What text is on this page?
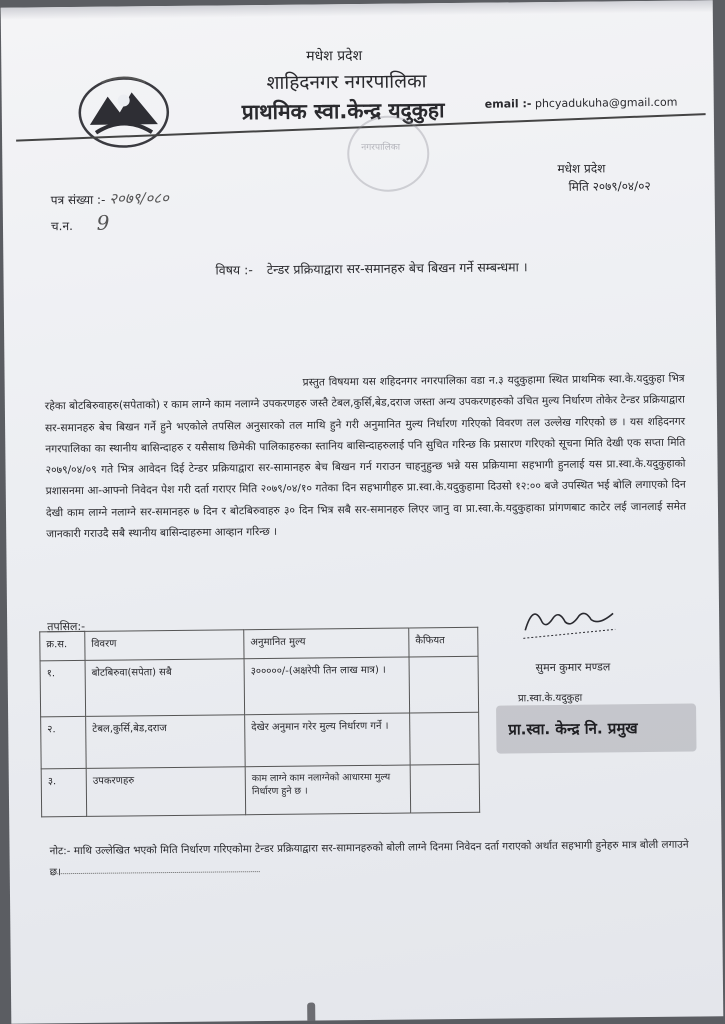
मधेश प्रदेश
शाहिदनगर नगरपालिका
प्राथमिक स्वा.केन्द्र यदुकुहा	email :- phcyadukuha@gmail.com
नगरपालिका
मधेश प्रदेश
मिति २०७९/०४/०२
पत्र संख्या :- २०७९/०८०
च.न. 9
विषय :- टेन्डर प्रक्रियाद्वारा सर-समानहरु बेच बिखन गर्ने सम्बन्धमा ।

प्रस्तुत विषयमा यस शहिदनगर नगरपालिका वडा न.३ यदुकुहामा स्थित प्राथमिक स्वा.के.यदुकुहा भित्र रहेका बोटबिरुवाहरु(सपेताको) र काम लाग्ने काम नलाग्ने उपकरणहरु जस्तै टेबल,कुर्सि,बेड,दराज जस्ता अन्य उपकरणहरुको उचित मुल्य निर्धारण तोकेर टेन्डर प्रक्रियाद्वारा सर-समानहरु बेच बिखन गर्ने हुने भएकोले तपसिल अनुसारको तल माथि हुने गरी अनुमानित मुल्य निर्धारण गरिएको विवरण तल उल्लेख गरिएको छ । यस शहिदनगर नगरपालिका का स्थानीय बासिन्दाहरु र यसैसाथ छिमेकी पालिकाहरुका स्तानिय बासिन्दाहरुलाई पनि सुचित गरिन्छ कि प्रसारण गरिएको सूचना मिति देखी एक सप्ता मिति २०७९/०४/०९ गते भित्र आवेदन दिई टेन्डर प्रक्रियाद्वारा सर-सामानहरु बेच बिखन गर्न गराउन चाहनुहुन्छ भन्ने यस प्रक्रियामा सहभागी हुनलाई यस प्रा.स्वा.के.यदुकुहाको प्रशासनमा आ-आफ्नो निवेदन पेश गरी दर्ता गराएर मिति २०७९/०४/१० गतेका दिन सहभागीहरु प्रा.स्वा.के.यदुकुहामा दिउसो १२:०० बजे उपस्थित भई बोलि लगाएको दिन देखी काम लाग्ने नलाग्ने सर-समानहरु ७ दिन र बोटबिरुवाहरु ३० दिन भित्र सबै सर-समानहरु लिएर जानु वा प्रा.स्वा.के.यदुकुहाका प्रांगणबाट काटेर लई जानलाई समेत जानकारी गराउदै सबै स्थानीय बासिन्दाहरुमा आव्हान गरिन्छ ।

तपसिल:-
क्र.स.	विवरण	अनुमानित मुल्य	कैफियत
१.	बोटबिरुवा(सपेता) सबै	३०००००/-(अक्षरेपी तिन लाख मात्र) ।	
२.	टेबल,कुर्सि,बेड,दराज	देखेर अनुमान गरेर मुल्य निर्धारण गर्ने ।	
३.	उपकरणहरु	काम लाग्ने काम नलाग्नेको आधारमा मुल्य निर्धारण हुने छ ।	
सुमन कुमार मण्डल
प्रा.स्वा.के.यदुकुहा
प्रा.स्वा. केन्द्र नि. प्रमुख
नोट:- माथि उल्लेखित भएको मिति निर्धारण गरिएकोमा टेन्डर प्रक्रियाद्वारा सर-सामानहरुको बोली लाग्ने दिनमा निवेदन दर्ता गराएको अर्थात सहभागी हुनेहरु मात्र बोली लगाउने छ।
